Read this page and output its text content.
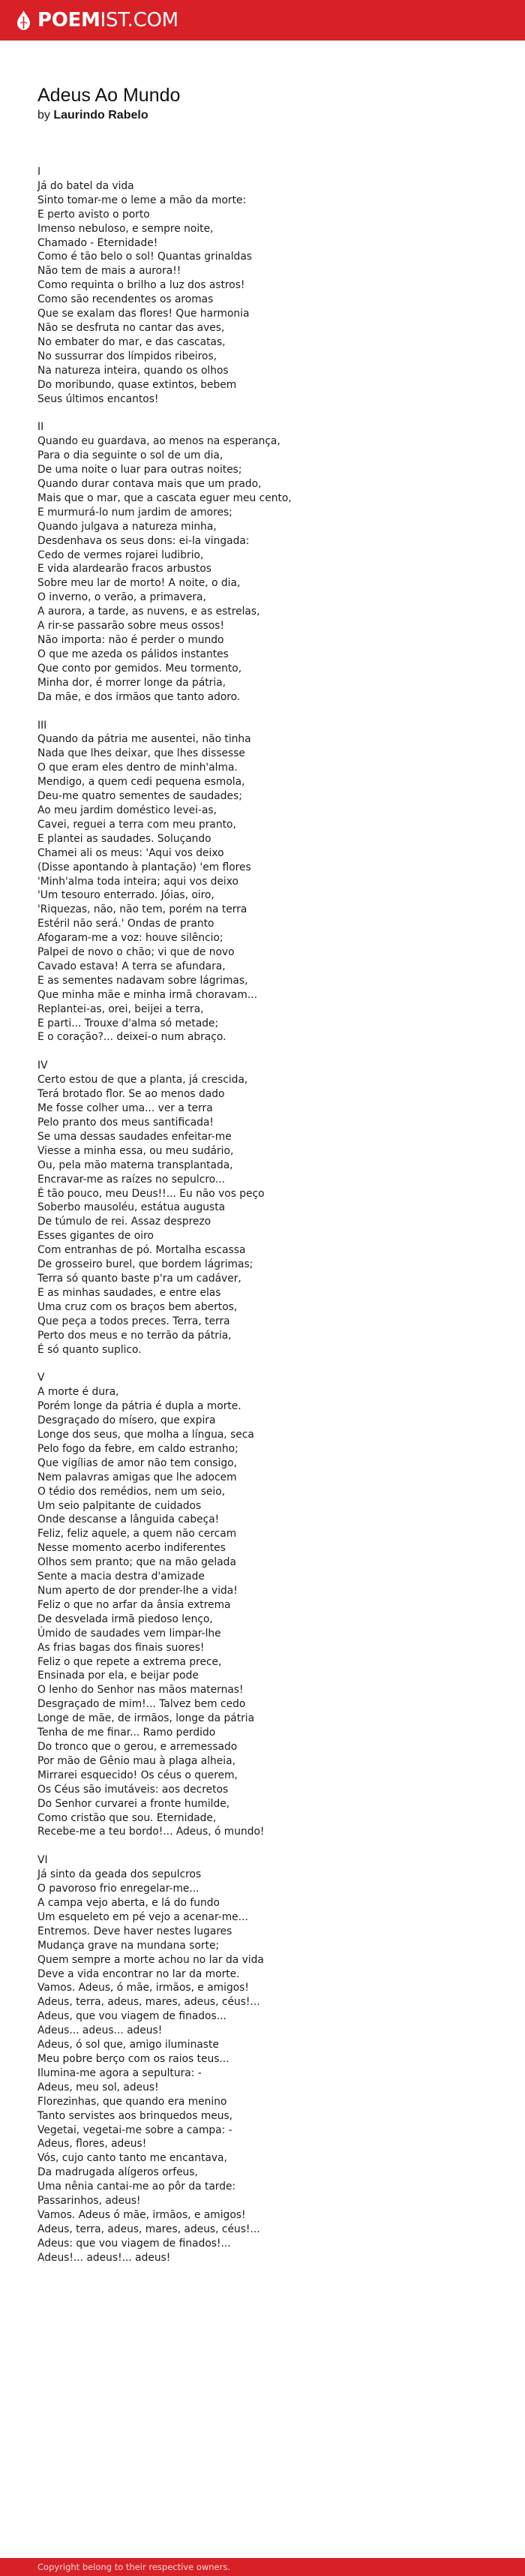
POEMIST.COM
Adeus Ao Mundo
by Laurindo Rabelo
I
Já do batel da vida
Sinto tomar-me o leme a mão da morte:
E perto avisto o porto
Imenso nebuloso, e sempre noite,
Chamado - Eternidade!
Como é tão belo o sol! Quantas grinaldas
Não tem de mais a aurora!!
Como requinta o brilho a luz dos astros!
Como são recendentes os aromas
Que se exalam das flores! Que harmonia
Não se desfruta no cantar das aves,
No embater do mar, e das cascatas,
No sussurrar dos límpidos ribeiros,
Na natureza inteira, quando os olhos
Do moribundo, quase extintos, bebem
Seus últimos encantos!
II
Quando eu guardava, ao menos na esperança,
Para o dia seguinte o sol de um dia,
De uma noite o luar para outras noites;
Quando durar contava mais que um prado,
Mais que o mar, que a cascata eguer meu cento,
E murmurá-lo num jardim de amores;
Quando julgava a natureza minha,
Desdenhava os seus dons: ei-la vingada:
Cedo de vermes rojarei ludibrio,
E vida alardearão fracos arbustos
Sobre meu lar de morto! A noite, o dia,
O inverno, o verão, a primavera,
A aurora, a tarde, as nuvens, e as estrelas,
A rir-se passarão sobre meus ossos!
Não importa: não é perder o mundo
O que me azeda os pálidos instantes
Que conto por gemidos. Meu tormento,
Minha dor, é morrer longe da pátria,
Da mãe, e dos irmãos que tanto adoro.
III
Quando da pátria me ausentei, não tinha
Nada que lhes deixar, que lhes dissesse
O que eram eles dentro de minh'alma.
Mendigo, a quem cedi pequena esmola,
Deu-me quatro sementes de saudades;
Ao meu jardim doméstico levei-as,
Cavei, reguei a terra com meu pranto,
E plantei as saudades. Soluçando
Chamei ali os meus: 'Aqui vos deixo
(Disse apontando à plantação) 'em flores
'Minh'alma toda inteira; aqui vos deixo
'Um tesouro enterrado. Jóias, oiro,
'Riquezas, não, não tem, porém na terra
Estéril não será.' Ondas de pranto
Afogaram-me a voz: houve silêncio;
Palpei de novo o chão; vi que de novo
Cavado estava! A terra se afundara,
E as sementes nadavam sobre lágrimas,
Que minha mãe e minha irmã choravam...
Replantei-as, orei, beijei a terra,
E parti... Trouxe d'alma só metade;
E o coração?... deixei-o num abraço.
IV
Certo estou de que a planta, já crescida,
Terá brotado flor. Se ao menos dado
Me fosse colher uma... ver a terra
Pelo pranto dos meus santificada!
Se uma dessas saudades enfeitar-me
Viesse a minha essa, ou meu sudário,
Ou, pela mão materna transplantada,
Encravar-me as raízes no sepulcro...
É tão pouco, meu Deus!!... Eu não vos peço
Soberbo mausoléu, estátua augusta
De túmulo de rei. Assaz desprezo
Esses gigantes de oiro
Com entranhas de pó. Mortalha escassa
De grosseiro burel, que bordem lágrimas;
Terra só quanto baste p'ra um cadáver,
E as minhas saudades, e entre elas
Uma cruz com os braços bem abertos,
Que peça a todos preces. Terra, terra
Perto dos meus e no terrão da pátria,
É só quanto suplico.
V
A morte é dura,
Porém longe da pátria é dupla a morte.
Desgraçado do mísero, que expira
Longe dos seus, que molha a língua, seca
Pelo fogo da febre, em caldo estranho;
Que vigílias de amor não tem consigo,
Nem palavras amigas que lhe adocem
O tédio dos remédios, nem um seio,
Um seio palpitante de cuidados
Onde descanse a lânguida cabeça!
Feliz, feliz aquele, a quem não cercam
Nesse momento acerbo indiferentes
Olhos sem pranto; que na mão gelada
Sente a macia destra d'amizade
Num aperto de dor prender-lhe a vida!
Feliz o que no arfar da ânsia extrema
De desvelada irmã piedoso lenço,
Úmido de saudades vem limpar-lhe
As frias bagas dos finais suores!
Feliz o que repete a extrema prece,
Ensinada por ela, e beijar pode
O lenho do Senhor nas mãos maternas!
Desgraçado de mim!... Talvez bem cedo
Longe de mãe, de irmãos, longe da pátria
Tenha de me finar... Ramo perdido
Do tronco que o gerou, e arremessado
Por mão de Gênio mau à plaga alheia,
Mirrarei esquecido! Os céus o querem,
Os Céus são imutáveis: aos decretos
Do Senhor curvarei a fronte humilde,
Como cristão que sou. Eternidade,
Recebe-me a teu bordo!... Adeus, ó mundo!
VI
Já sinto da geada dos sepulcros
O pavoroso frio enregelar-me...
A campa vejo aberta, e lá do fundo
Um esqueleto em pé vejo a acenar-me...
Entremos. Deve haver nestes lugares
Mudança grave na mundana sorte;
Quem sempre a morte achou no lar da vida
Deve a vida encontrar no lar da morte.
Vamos. Adeus, ó mãe, irmãos, e amigos!
Adeus, terra, adeus, mares, adeus, céus!...
Adeus, que vou viagem de finados...
Adeus... adeus... adeus!
Adeus, ó sol que, amigo iluminaste
Meu pobre berço com os raios teus...
Ilumina-me agora a sepultura: -
Adeus, meu sol, adeus!
Florezinhas, que quando era menino
Tanto servistes aos brinquedos meus,
Vegetai, vegetai-me sobre a campa: -
Adeus, flores, adeus!
Vós, cujo canto tanto me encantava,
Da madrugada alígeros orfeus,
Uma nênia cantai-me ao pôr da tarde:
Passarinhos, adeus!
Vamos. Adeus ó mãe, irmãos, e amigos!
Adeus, terra, adeus, mares, adeus, céus!...
Adeus: que vou viagem de finados!...
Adeus!... adeus!... adeus!
Copyright belong to their respective owners.
